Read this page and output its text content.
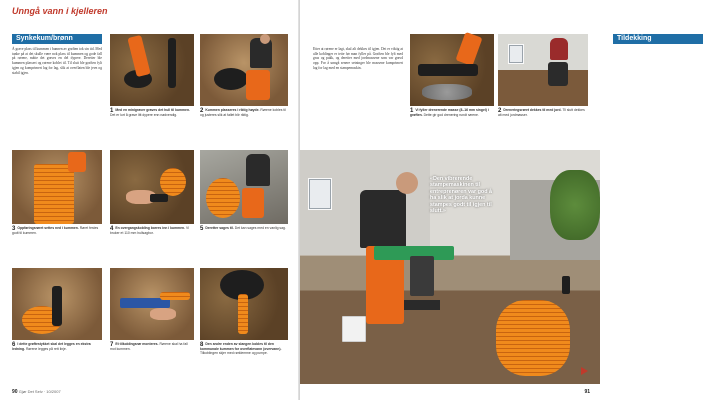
Unngå vann i kjelleren
Synkekum/brønn
Å grave plass til kummen i bunnen av grøften tok sin tid. Med tanke på at det skulle være nok plass til kummen og gode fall på rørene, måtte det graves en del dypere. Deretter ble kummen plassert og rørene koblet til. Til slutt ble grøften fylt igjen og komprimert lag for lag, slik at overflaten ble jevn og stabil igjen.
1 Med en minigraver graves det hull til kummen. Det er lurt å grave litt dypere enn nødvendig.
2 Kummen plasseres i riktig høyde. Rørene kobles til og justeres slik at fallet blir riktig.
3 Oppføringsrøret settes ned i kummen. Røret festes godt til kummen.
4 En overgangskobling borres inn i kummen. Vi bruker et 110 mm hullsagbor.
5 Deretter sages til. Det kan sages med en vanlig sag.
6 I dette grøftestykket skal det legges en ekstra ledning. Rørene legges på rett linje.
7 Et tilkoblingsrør monteres. Rørene skal ha fall mot kummen.
8 Den andre enden av slangen kobles til den kommunale kummen for overflatevann (overvann). Tilkoblingen skjer med rørklemme og pumpe.
90 Gjør Det Selv · 10/2007
Tildekking
Etter at rørene er lagt, skal alt dekkes til igjen. Det er viktig at alle koblinger er tette før man fyller på. Grøften ble fylt med grus og pukk, og deretter med jordmassene som var gravd opp. For å unngå senere setninger ble massene komprimert lag for lag med en stampemaskin.
1 Vi fyller drenerende masse (8–16 mm singel) i grøften. Dette gir god drenering rundt rørene.
2 Dreneringsrøret dekkes til med jord. Til slutt dekkes alt med jordmasser.
«Den vibrerende stampemaskinen til entreprenøren var god å ha slik at jorda kunne stampes godt til igjen til slutt.»
91
